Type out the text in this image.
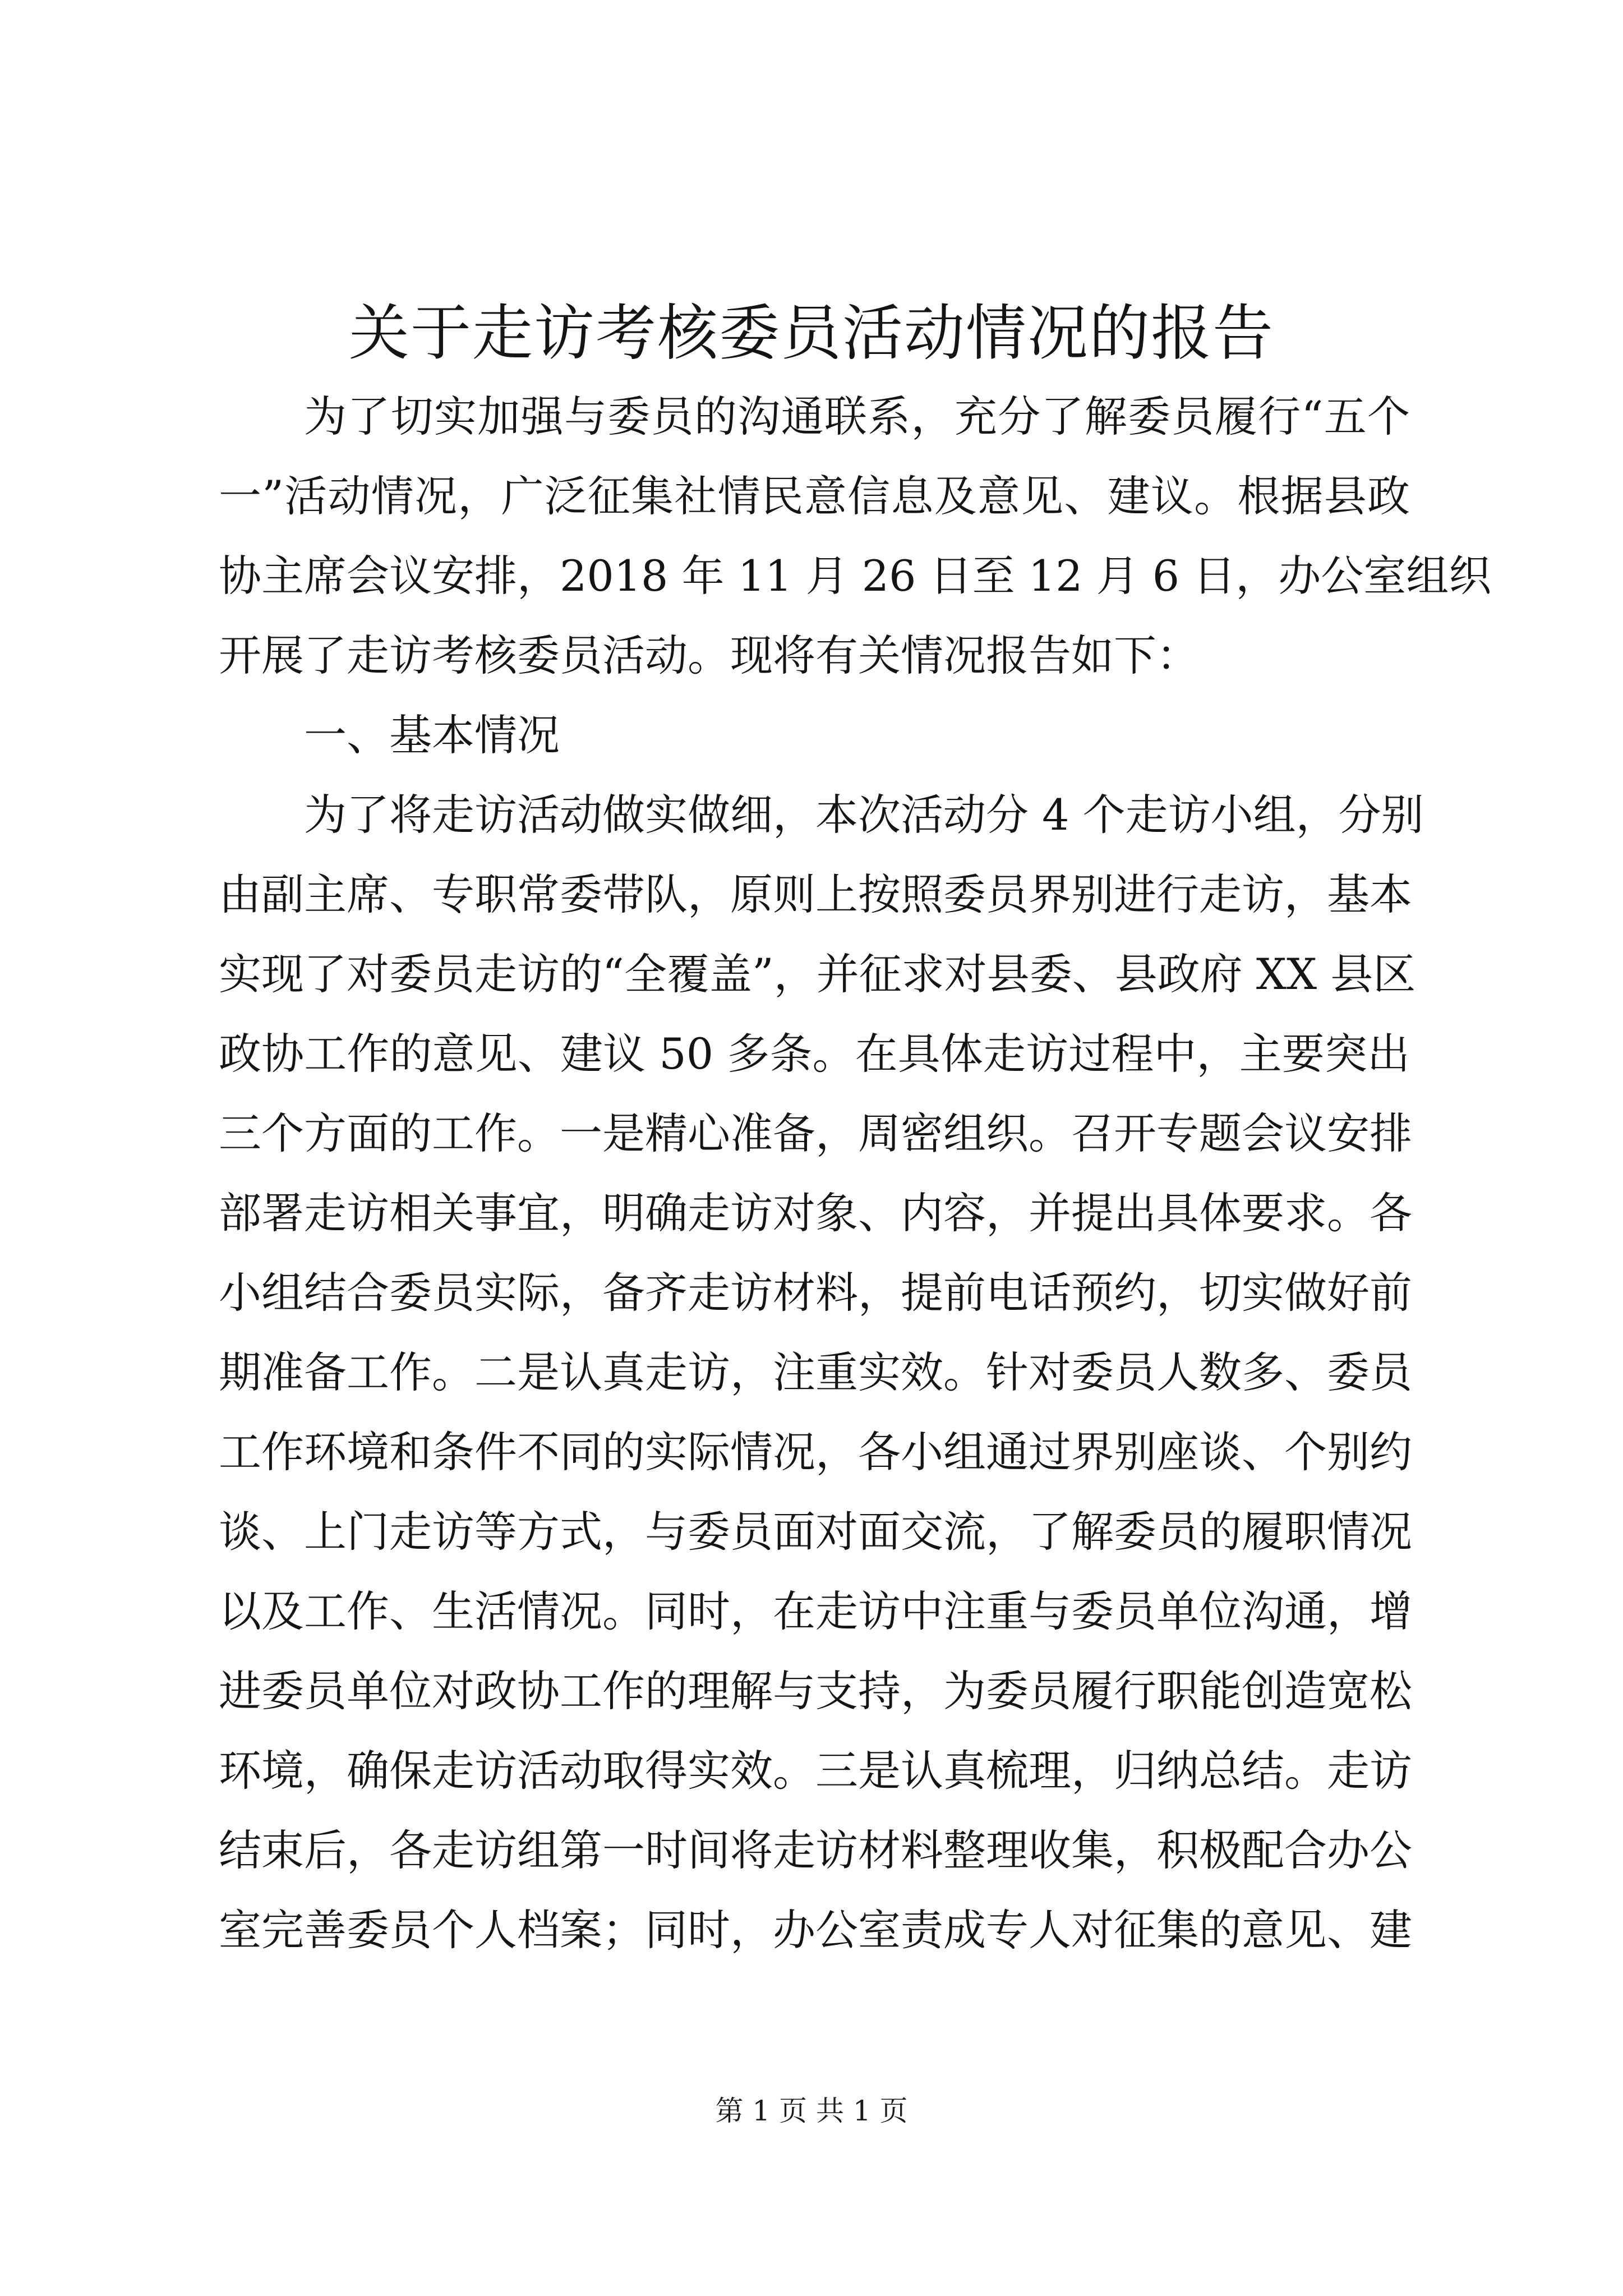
关于走访考核委员活动情况的报告

为了切实加强与委员的沟通联系，充分了解委员履行“五个

一”活动情况，广泛征集社情民意信息及意见、建议。根据县政

协主席会议安排，2018 年 11 月 26 日至 12 月 6 日，办公室组织

开展了走访考核委员活动。现将有关情况报告如下：

一、基本情况

为了将走访活动做实做细，本次活动分 4 个走访小组，分别

由副主席、专职常委带队，原则上按照委员界别进行走访，基本

实现了对委员走访的“全覆盖”，并征求对县委、县政府 XX 县区

政协工作的意见、建议 50 多条。在具体走访过程中，主要突出

三个方面的工作。一是精心准备，周密组织。召开专题会议安排

部署走访相关事宜，明确走访对象、内容，并提出具体要求。各

小组结合委员实际，备齐走访材料，提前电话预约，切实做好前

期准备工作。二是认真走访，注重实效。针对委员人数多、委员

工作环境和条件不同的实际情况，各小组通过界别座谈、个别约

谈、上门走访等方式，与委员面对面交流，了解委员的履职情况

以及工作、生活情况。同时，在走访中注重与委员单位沟通，增

进委员单位对政协工作的理解与支持，为委员履行职能创造宽松

环境，确保走访活动取得实效。三是认真梳理，归纳总结。走访

结束后，各走访组第一时间将走访材料整理收集，积极配合办公

室完善委员个人档案；同时，办公室责成专人对征集的意见、建

第 1 页 共 1 页
